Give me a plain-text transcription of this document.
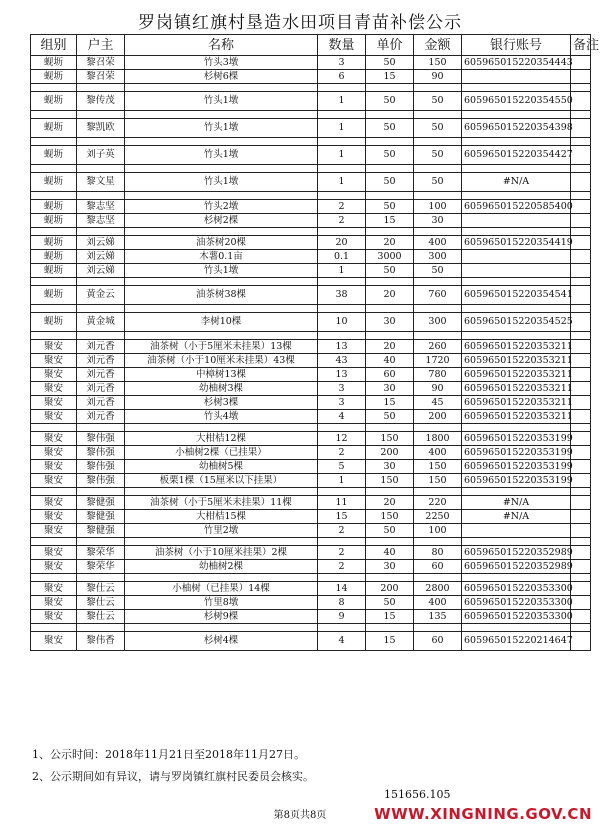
罗岗镇红旗村垦造水田项目青苗补偿公示
组别	户主	名称	数量	单价	金额	银行账号	备注
蚬坜	黎召荣	竹头3墩	3	50	150	605965015220354443	
蚬坜	黎召荣	杉树6棵	6	15	90		

蚬坜	黎传茂	竹头1墩	1	50	50	605965015220354550	

蚬坜	黎凯欧	竹头1墩	1	50	50	605965015220354398	

蚬坜	刘子英	竹头1墩	1	50	50	605965015220354427	

蚬坜	黎文星	竹头1墩	1	50	50	#N/A	

蚬坜	黎志坚	竹头2墩	2	50	100	605965015220585400	
蚬坜	黎志坚	杉树2棵	2	15	30		

蚬坜	刘云娣	油茶树20棵	20	20	400	605965015220354419	
蚬坜	刘云娣	木薯0.1亩	0.1	3000	300		
蚬坜	刘云娣	竹头1墩	1	50	50		

蚬坜	黄金云	油茶树38棵	38	20	760	605965015220354541	

蚬坜	黄金城	李树10棵	10	30	300	605965015220354525	

聚安	刘元香	油茶树（小于5厘米未挂果）13棵	13	20	260	605965015220353211	
聚安	刘元香	油茶树（小于10厘米未挂果）43棵	43	40	1720	605965015220353211	
聚安	刘元香	中樟树13棵	13	60	780	605965015220353211	
聚安	刘元香	幼柚树3棵	3	30	90	605965015220353211	
聚安	刘元香	杉树3棵	3	15	45	605965015220353211	
聚安	刘元香	竹头4墩	4	50	200	605965015220353211	

聚安	黎伟强	大柑桔12棵	12	150	1800	605965015220353199	
聚安	黎伟强	小柚树2棵（已挂果）	2	200	400	605965015220353199	
聚安	黎伟强	幼柚树5棵	5	30	150	605965015220353199	
聚安	黎伟强	板栗1棵（15厘米以下挂果）	1	150	150	605965015220353199	

聚安	黎健强	油茶树（小于5厘米未挂果）11棵	11	20	220	#N/A	
聚安	黎健强	大柑桔15棵	15	150	2250	#N/A	
聚安	黎健强	竹里2墩	2	50	100		

聚安	黎荣华	油茶树（小于10厘米挂果）2棵	2	40	80	605965015220352989	
聚安	黎荣华	幼柚树2棵	2	30	60	605965015220352989	

聚安	黎仕云	小柚树（已挂果）14棵	14	200	2800	605965015220353300	
聚安	黎仕云	竹里8墩	8	50	400	605965015220353300	
聚安	黎仕云	杉树9棵	9	15	135	605965015220353300	

聚安	黎伟香	杉树4棵	4	15	60	605965015220214647	
1、公示时间：2018年11月21日至2018年11月27日。
2、公示期间如有异议，请与罗岗镇红旗村民委员会核实。
151656.105
第8页共8页	WWW.XINGNING.GOV.CN
